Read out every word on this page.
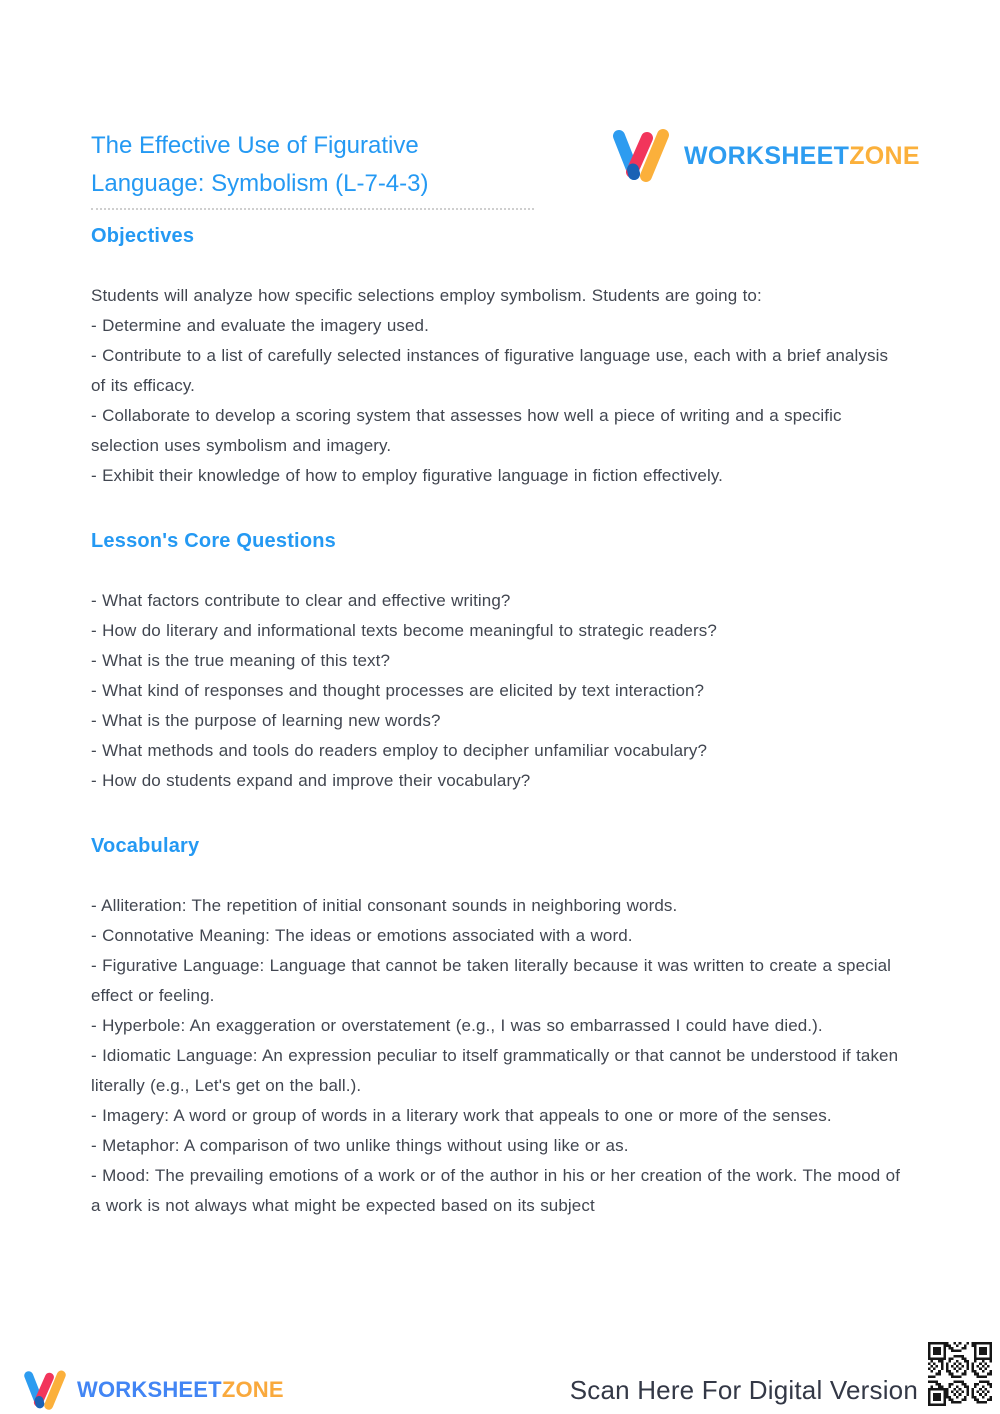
The Effective Use of Figurative
Language: Symbolism (L-7-4-3)
WORKSHEETZONE
Objectives

Students will analyze how specific selections employ symbolism. Students are going to:

- Determine and evaluate the imagery used.

- Contribute to a list of carefully selected instances of figurative language use, each with a brief analysis of its efficacy.

- Collaborate to develop a scoring system that assesses how well a piece of writing and a specific selection uses symbolism and imagery.

- Exhibit their knowledge of how to employ figurative language in fiction effectively.

Lesson's Core Questions

- What factors contribute to clear and effective writing?

- How do literary and informational texts become meaningful to strategic readers?

- What is the true meaning of this text?

- What kind of responses and thought processes are elicited by text interaction?

- What is the purpose of learning new words?

- What methods and tools do readers employ to decipher unfamiliar vocabulary?

- How do students expand and improve their vocabulary?

Vocabulary

- Alliteration: The repetition of initial consonant sounds in neighboring words.

- Connotative Meaning: The ideas or emotions associated with a word.

- Figurative Language: Language that cannot be taken literally because it was written to create a special effect or feeling.

- Hyperbole: An exaggeration or overstatement (e.g., I was so embarrassed I could have died.).

- Idiomatic Language: An expression peculiar to itself grammatically or that cannot be understood if taken literally (e.g., Let's get on the ball.).

- Imagery: A word or group of words in a literary work that appeals to one or more of the senses.

- Metaphor: A comparison of two unlike things without using like or as.

- Mood: The prevailing emotions of a work or of the author in his or her creation of the work. The mood of a work is not always what might be expected based on its subject

WORKSHEETZONE	Scan Here For Digital Version
